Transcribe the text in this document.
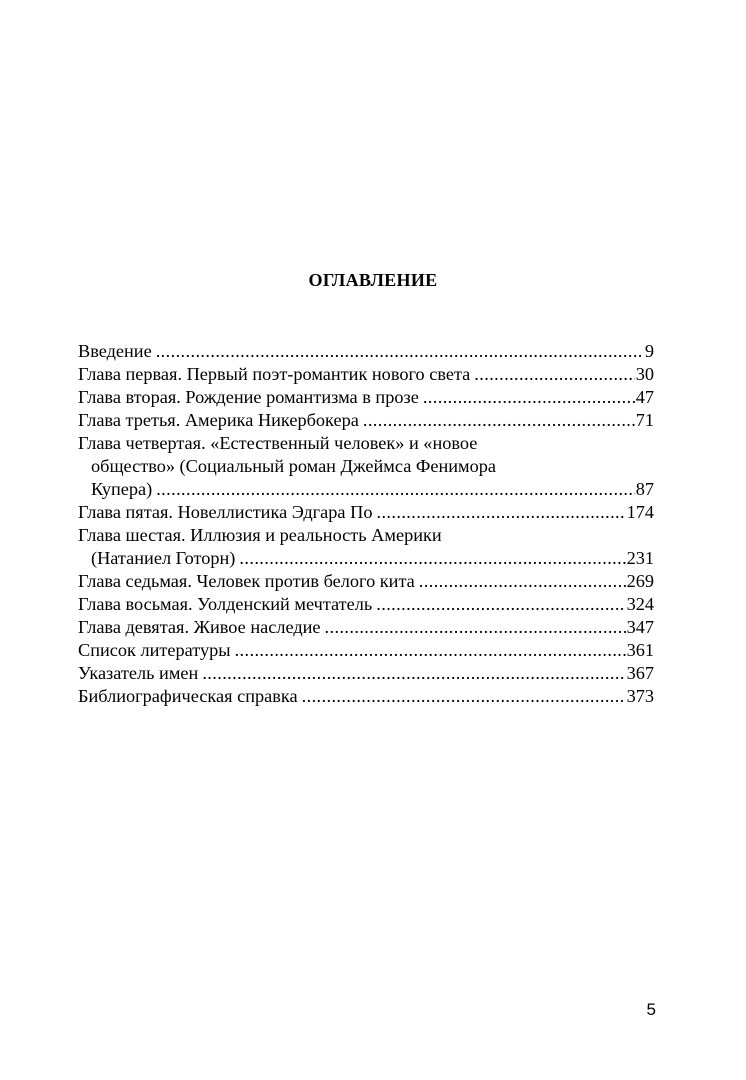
ОГЛАВЛЕНИЕ
Введение .....	9
Глава первая. Первый поэт-романтик нового света .....	30
Глава вторая. Рождение романтизма в прозе .....	47
Глава третья. Америка Никербокера .....	71
Глава четвертая. «Естественный человек» и «новое
общество» (Социальный роман Джеймса Фенимора
Купера) .....	87
Глава пятая. Новеллистика Эдгара По .....	174
Глава шестая. Иллюзия и реальность Америки
(Натаниел Готорн) .....	231
Глава седьмая. Человек против белого кита .....	269
Глава восьмая. Уолденский мечтатель .....	324
Глава девятая. Живое наследие .....	347
Список литературы .....	361
Указатель имен .....	367
Библиографическая справка .....	373
5
